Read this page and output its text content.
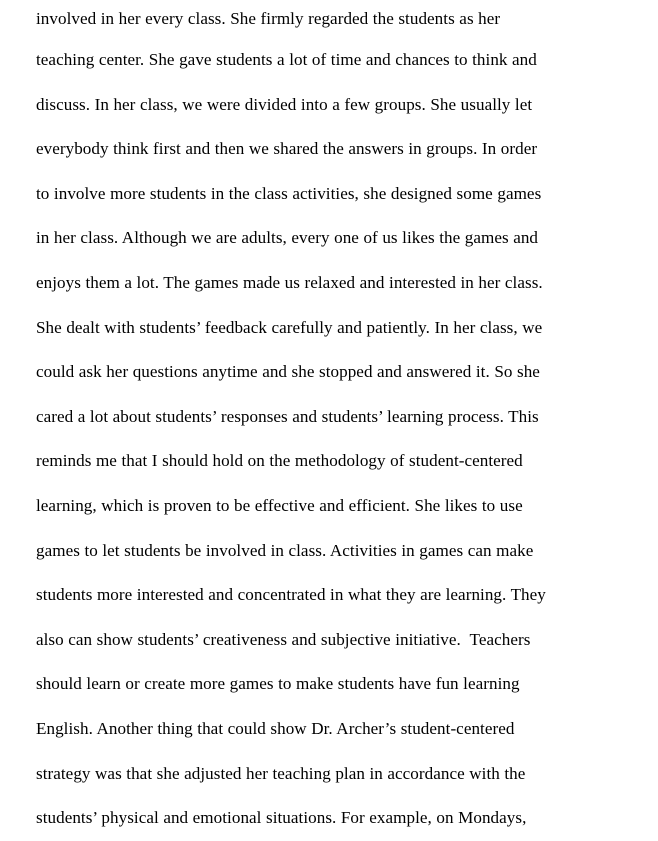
involved in her every class. She firmly regarded the students as her
teaching center. She gave students a lot of time and chances to think and
discuss. In her class, we were divided into a few groups. She usually let
everybody think first and then we shared the answers in groups. In order
to involve more students in the class activities, she designed some games
in her class. Although we are adults, every one of us likes the games and
enjoys them a lot. The games made us relaxed and interested in her class.
She dealt with students’ feedback carefully and patiently. In her class, we
could ask her questions anytime and she stopped and answered it. So she
cared a lot about students’ responses and students’ learning process. This
reminds me that I should hold on the methodology of student-centered
learning, which is proven to be effective and efficient. She likes to use
games to let students be involved in class. Activities in games can make
students more interested and concentrated in what they are learning. They
also can show students’ creativeness and subjective initiative.  Teachers
should learn or create more games to make students have fun learning
English. Another thing that could show Dr. Archer’s student-centered
strategy was that she adjusted her teaching plan in accordance with the
students’ physical and emotional situations. For example, on Mondays,
